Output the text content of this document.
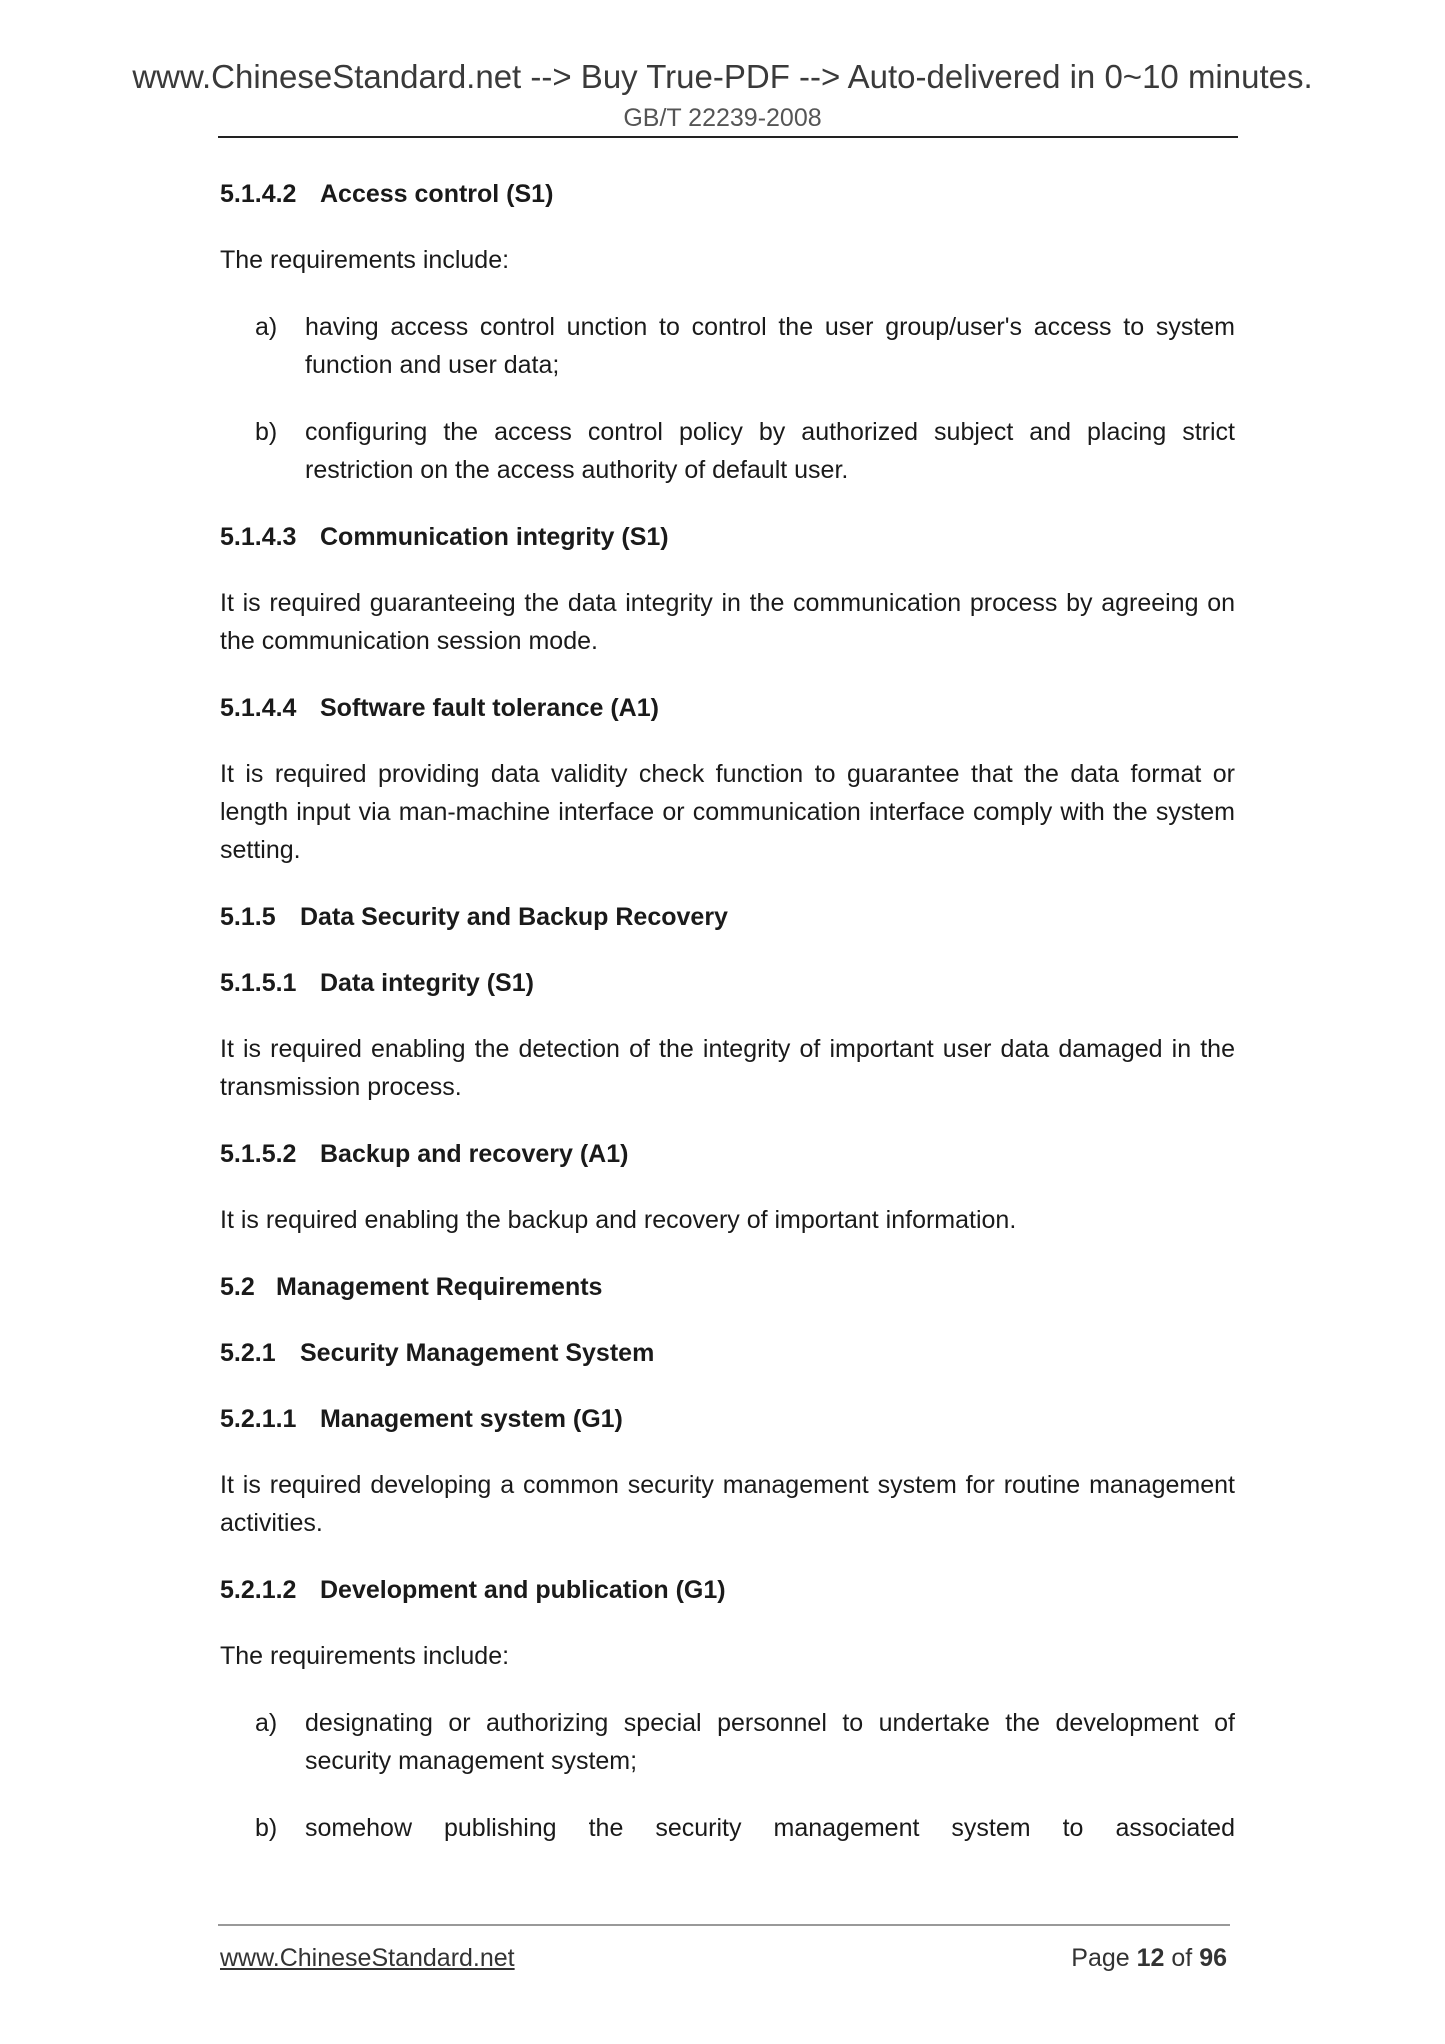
www.ChineseStandard.net --> Buy True-PDF --> Auto-delivered in 0~10 minutes.
GB/T 22239-2008
5.1.4.2 Access control (S1)

The requirements include:

a)	having access control unction to control the user group/user's access to system function and user data;
b)	configuring the access control policy by authorized subject and placing strict restriction on the access authority of default user.
5.1.4.3 Communication integrity (S1)

It is required guaranteeing the data integrity in the communication process by agreeing on the communication session mode.

5.1.4.4 Software fault tolerance (A1)

It is required providing data validity check function to guarantee that the data format or length input via man-machine interface or communication interface comply with the system setting.

5.1.5 Data Security and Backup Recovery
5.1.5.1 Data integrity (S1)

It is required enabling the detection of the integrity of important user data damaged in the transmission process.

5.1.5.2 Backup and recovery (A1)

It is required enabling the backup and recovery of important information.

5.2 Management Requirements
5.2.1 Security Management System
5.2.1.1 Management system (G1)

It is required developing a common security management system for routine management activities.

5.2.1.2 Development and publication (G1)

The requirements include:

a)	designating or authorizing special personnel to undertake the development of security management system;
b)	somehow publishing the security management system to associated
www.ChineseStandard.net	Page 12 of 96
